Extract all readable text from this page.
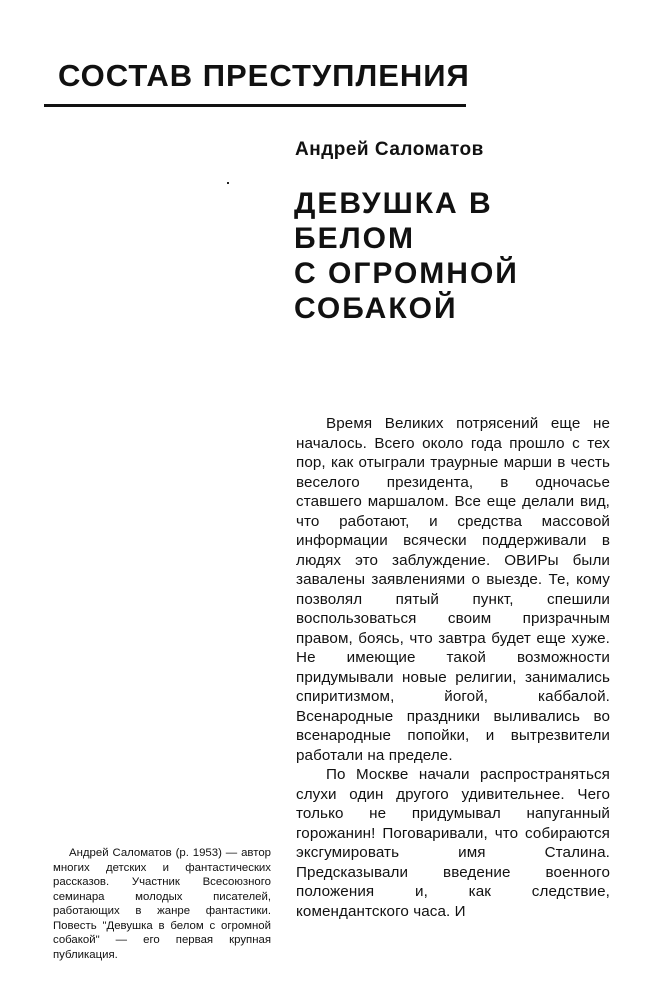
СОСТАВ ПРЕСТУПЛЕНИЯ
Андрей Саломатов
ДЕВУШКА В
БЕЛОМ
С ОГРОМНОЙ
СОБАКОЙ

Время Великих потрясений еще не началось. Всего около года прошло с тех пор, как отыграли траурные марши в честь веселого президента, в одночасье ставшего маршалом. Все еще делали вид, что работают, и средства массовой информации всячески поддерживали в людях это заблуждение. ОВИРы были завалены заявлениями о выезде. Те, кому позволял пятый пункт, спешили воспользоваться своим призрачным правом, боясь, что завтра будет еще хуже. Не имеющие такой возможности придумывали новые религии, занимались спиритизмом, йогой, каббалой. Всенародные праздники выливались во всенародные попойки, и вытрезвители работали на пределе.

По Москве начали распространяться слухи один другого удивительнее. Чего только не придумывал напуганный горожанин! Поговаривали, что собираются эксгумировать имя Сталина. Предсказывали введение военного положения и, как следствие, комендантского часа. И

Андрей Саломатов (р. 1953) — автор многих детских и фантастических рассказов. Участник Всесоюзного семинара молодых писателей, работающих в жанре фантастики. Повесть "Девушка в белом с огромной собакой" — его первая крупная публикация.
